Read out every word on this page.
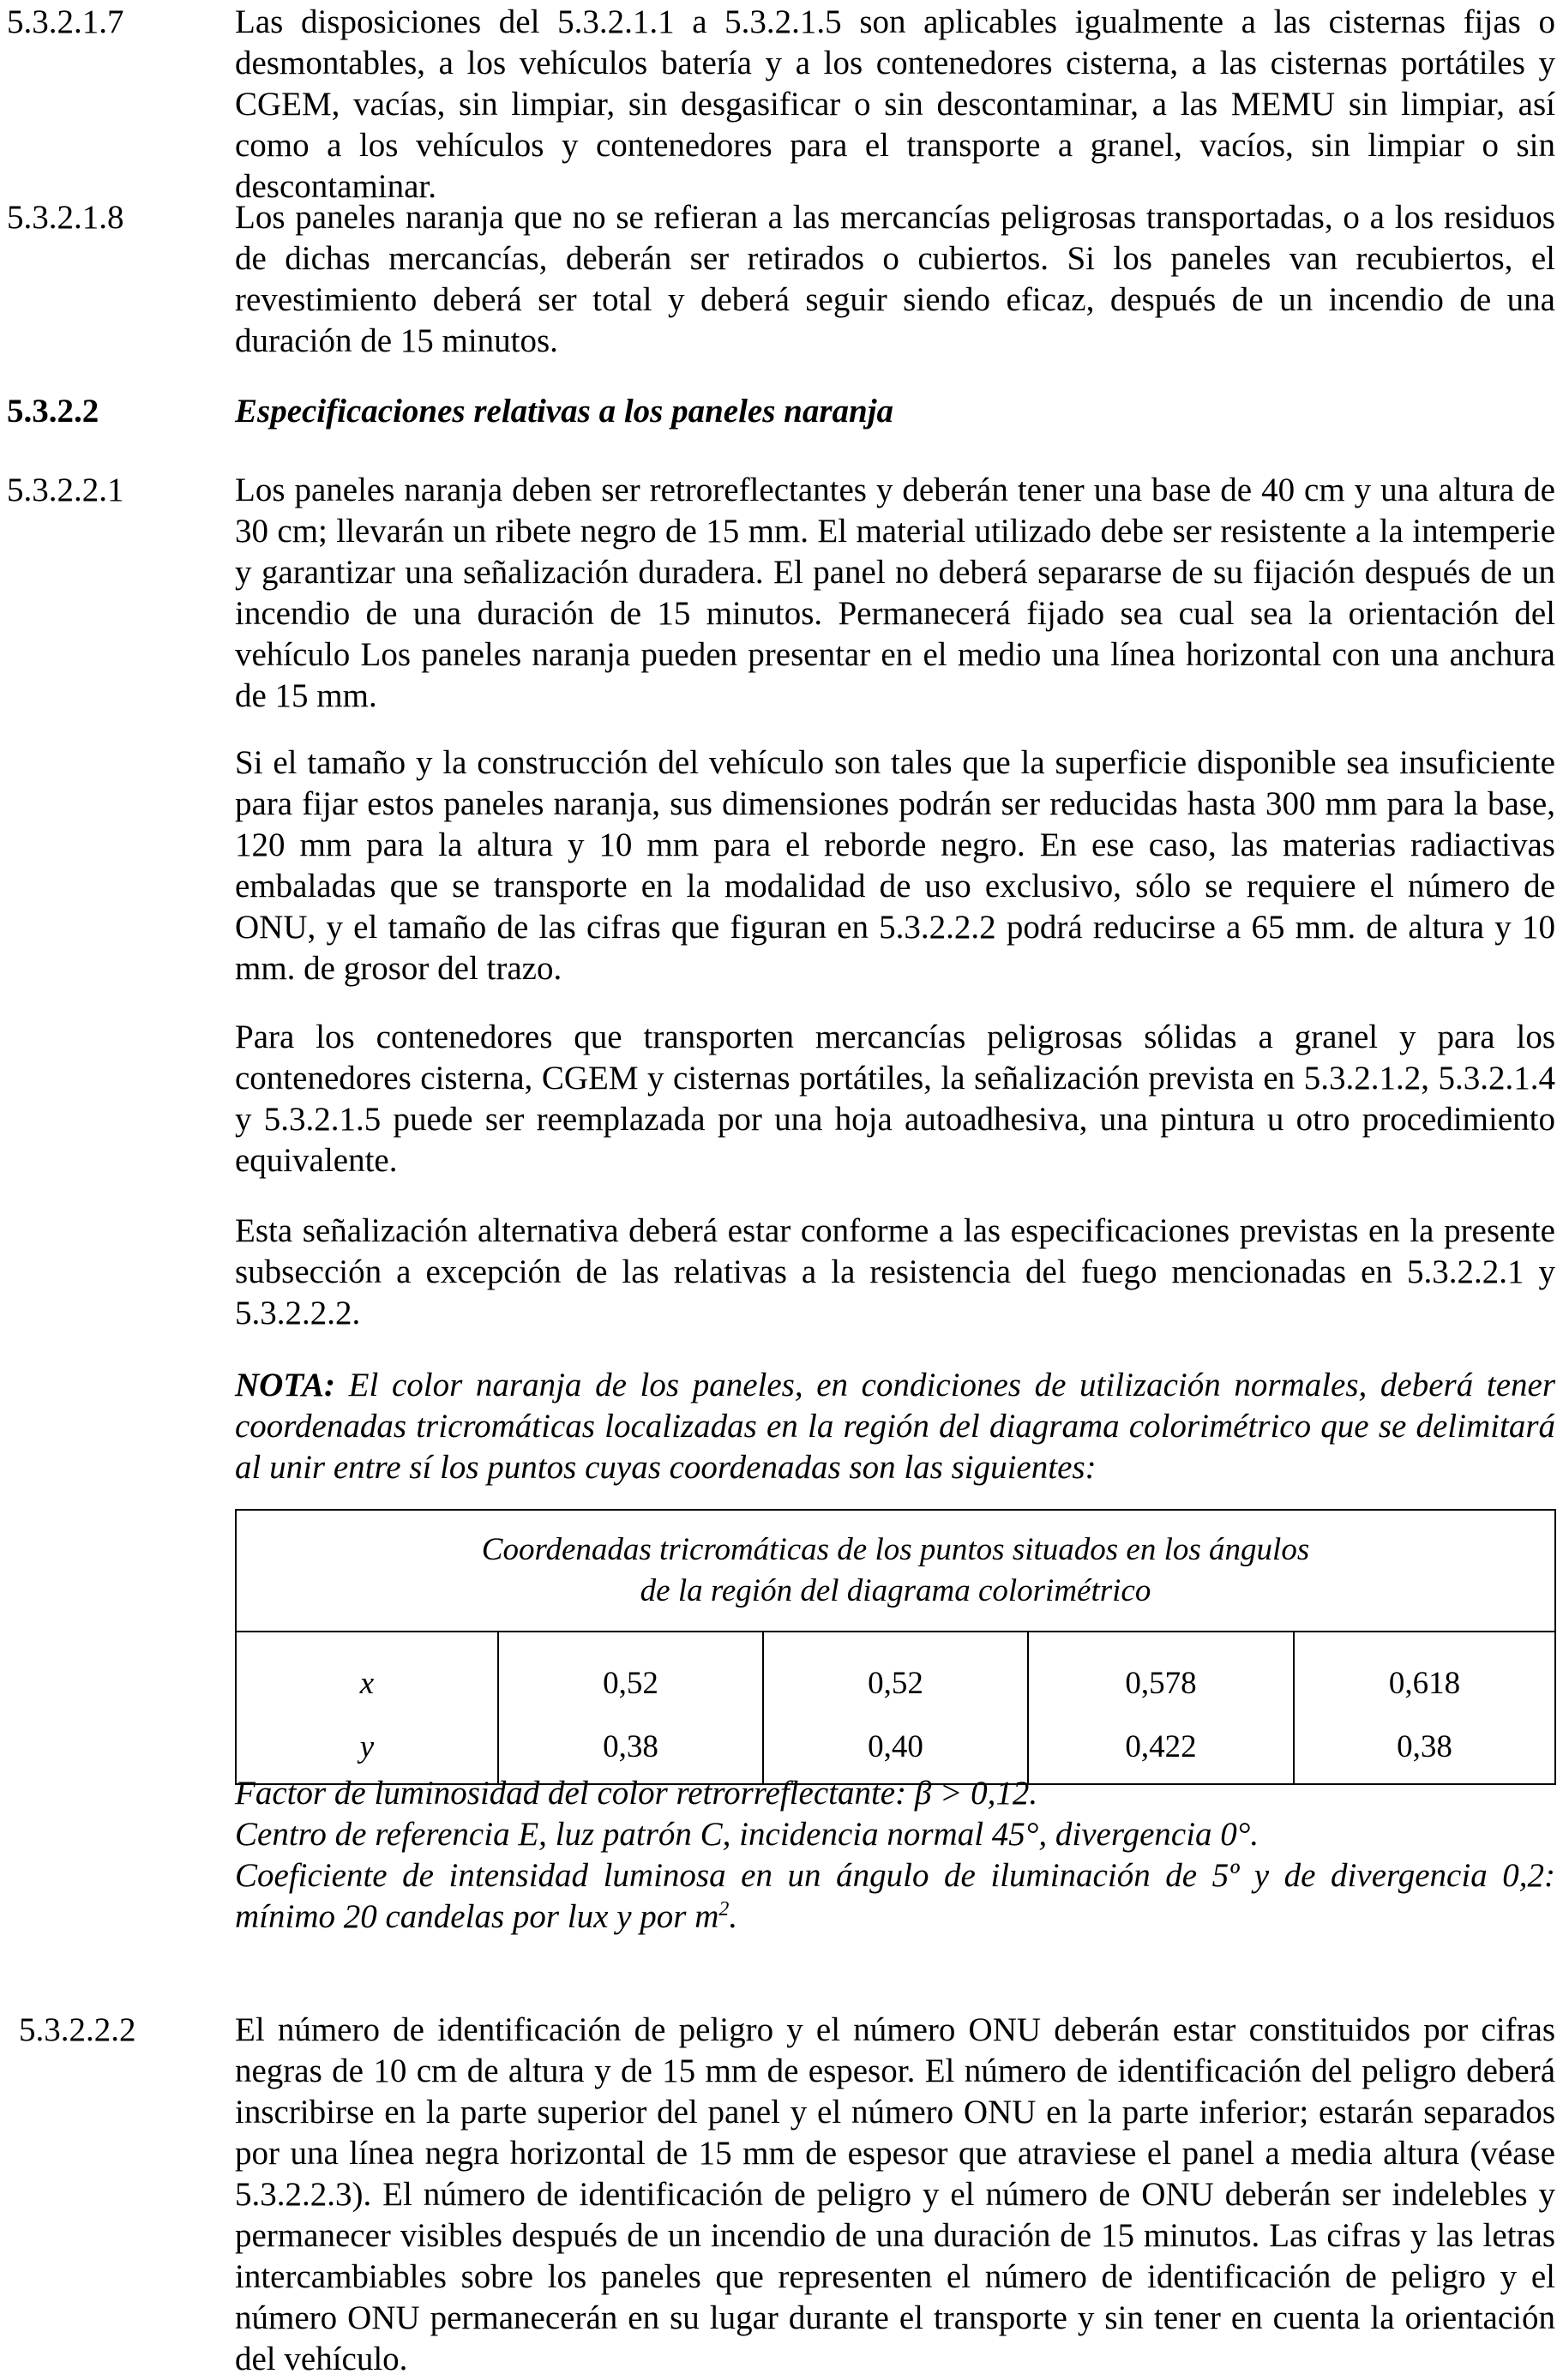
5.3.2.1.7	Las disposiciones del 5.3.2.1.1 a 5.3.2.1.5 son aplicables igualmente a las cisternas fijas o desmontables, a los vehículos batería y a los contenedores cisterna, a las cisternas portátiles y CGEM, vacías, sin limpiar, sin desgasificar o sin descontaminar, a las MEMU sin limpiar, así como a los vehículos y contenedores para el transporte a granel, vacíos, sin limpiar o sin descontaminar.
5.3.2.1.8	Los paneles naranja que no se refieran a las mercancías peligrosas transportadas, o a los residuos de dichas mercancías, deberán ser retirados o cubiertos. Si los paneles van recubiertos, el revestimiento deberá ser total y deberá seguir siendo eficaz, después de un incendio de una duración de 15 minutos.
5.3.2.2	Especificaciones relativas a los paneles naranja
5.3.2.2.1	Los paneles naranja deben ser retroreflectantes y deberán tener una base de 40 cm y una altura de 30 cm; llevarán un ribete negro de 15 mm. El material utilizado debe ser resistente a la intemperie y garantizar una señalización duradera. El panel no deberá separarse de su fijación después de un incendio de una duración de 15 minutos. Permanecerá fijado sea cual sea la orientación del vehículo Los paneles naranja pueden presentar en el medio una línea horizontal con una anchura de 15 mm.
Si el tamaño y la construcción del vehículo son tales que la superficie disponible sea insuficiente para fijar estos paneles naranja, sus dimensiones podrán ser reducidas hasta 300 mm para la base, 120 mm para la altura y 10 mm para el reborde negro. En ese caso, las materias radiactivas embaladas que se transporte en la modalidad de uso exclusivo, sólo se requiere el número de ONU, y el tamaño de las cifras que figuran en 5.3.2.2.2 podrá reducirse a 65 mm. de altura y 10 mm. de grosor del trazo.
Para los contenedores que transporten mercancías peligrosas sólidas a granel y para los contenedores cisterna, CGEM y cisternas portátiles, la señalización prevista en 5.3.2.1.2, 5.3.2.1.4 y 5.3.2.1.5 puede ser reemplazada por una hoja autoadhesiva, una pintura u otro procedimiento equivalente.
Esta señalización alternativa deberá estar conforme a las especificaciones previstas en la presente subsección a excepción de las relativas a la resistencia del fuego mencionadas en 5.3.2.2.1 y 5.3.2.2.2.
NOTA: El color naranja de los paneles, en condiciones de utilización normales, deberá tener coordenadas tricromáticas localizadas en la región del diagrama colorimétrico que se delimitará al unir entre sí los puntos cuyas coordenadas son las siguientes:
Coordenadas tricromáticas de los puntos situados en los ángulos
de la región del diagrama colorimétrico				
x	0,52	0,52	0,578	0,618
y	0,38	0,40	0,422	0,38
Factor de luminosidad del color retrorreflectante: β > 0,12.
Centro de referencia E, luz patrón C, incidencia normal 45°, divergencia 0°.
Coeficiente de intensidad luminosa en un ángulo de iluminación de 5º y de divergencia 0,2: mínimo 20 candelas por lux y por $m^2$.
5.3.2.2.2	El número de identificación de peligro y el número ONU deberán estar constituidos por cifras negras de 10 cm de altura y de 15 mm de espesor. El número de identificación del peligro deberá inscribirse en la parte superior del panel y el número ONU en la parte inferior; estarán separados por una línea negra horizontal de 15 mm de espesor que atraviese el panel a media altura (véase 5.3.2.2.3). El número de identificación de peligro y el número de ONU deberán ser indelebles y permanecer visibles después de un incendio de una duración de 15 minutos. Las cifras y las letras intercambiables sobre los paneles que representen el número de identificación de peligro y el número ONU permanecerán en su lugar durante el transporte y sin tener en cuenta la orientación del vehículo.
